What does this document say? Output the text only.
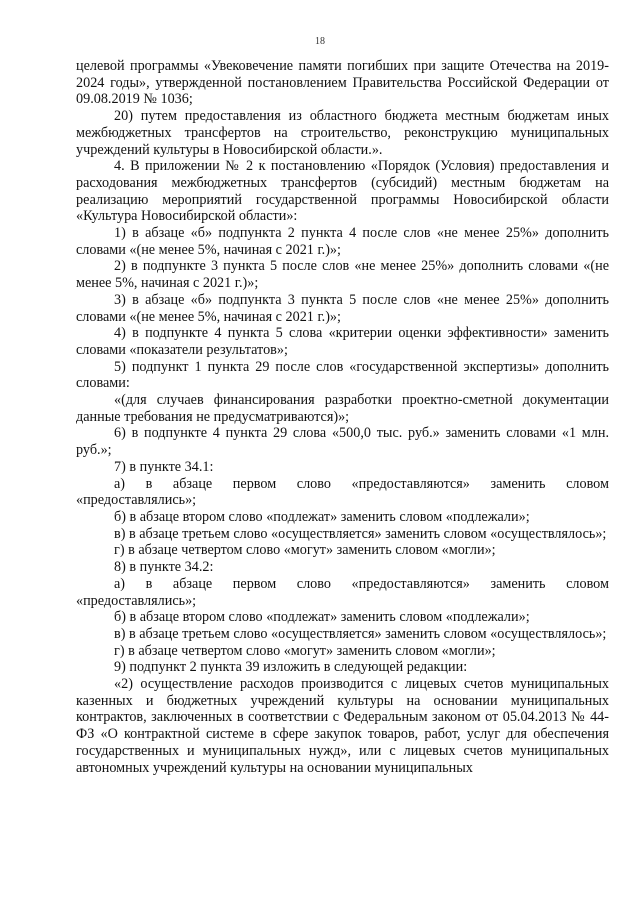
18

целевой программы «Увековечение памяти погибших при защите Отечества на 2019-2024 годы», утвержденной постановлением Правительства Российской Федерации от 09.08.2019 № 1036;

20) путем предоставления из областного бюджета местным бюджетам иных межбюджетных трансфертов на строительство, реконструкцию муниципальных учреждений культуры в Новосибирской области.».

4. В приложении № 2 к постановлению «Порядок (Условия) предоставления и расходования межбюджетных трансфертов (субсидий) местным бюджетам на реализацию мероприятий государственной программы Новосибирской области «Культура Новосибирской области»:

1) в абзаце «б» подпункта 2 пункта 4 после слов «не менее 25%» дополнить словами «(не менее 5%, начиная с 2021 г.)»;

2) в подпункте 3 пункта 5 после слов «не менее 25%» дополнить словами «(не менее 5%, начиная с 2021 г.)»;

3) в абзаце «б» подпункта 3 пункта 5 после слов «не менее 25%» дополнить словами «(не менее 5%, начиная с 2021 г.)»;

4) в подпункте 4 пункта 5 слова «критерии оценки эффективности» заменить словами «показатели результатов»;

5) подпункт 1 пункта 29 после слов «государственной экспертизы» дополнить словами:

«(для случаев финансирования разработки проектно-сметной документации данные требования не предусматриваются)»;

6) в подпункте 4 пункта 29 слова «500,0 тыс. руб.» заменить словами «1 млн. руб.»;

7) в пункте 34.1:

а) в абзаце первом слово «предоставляются» заменить словом «предоставлялись»;

б) в абзаце втором слово «подлежат» заменить словом «подлежали»;

в) в абзаце третьем слово «осуществляется» заменить словом «осуществлялось»;

г) в абзаце четвертом слово «могут» заменить словом «могли»;

8) в пункте 34.2:

а) в абзаце первом слово «предоставляются» заменить словом «предоставлялись»;

б) в абзаце втором слово «подлежат» заменить словом «подлежали»;

в) в абзаце третьем слово «осуществляется» заменить словом «осуществлялось»;

г) в абзаце четвертом слово «могут» заменить словом «могли»;

9) подпункт 2 пункта 39 изложить в следующей редакции:

«2) осуществление расходов производится с лицевых счетов муниципальных казенных и бюджетных учреждений культуры на основании муниципальных контрактов, заключенных в соответствии с Федеральным законом от 05.04.2013 № 44-ФЗ «О контрактной системе в сфере закупок товаров, работ, услуг для обеспечения государственных и муниципальных нужд», или с лицевых счетов муниципальных автономных учреждений культуры на основании муниципальных
